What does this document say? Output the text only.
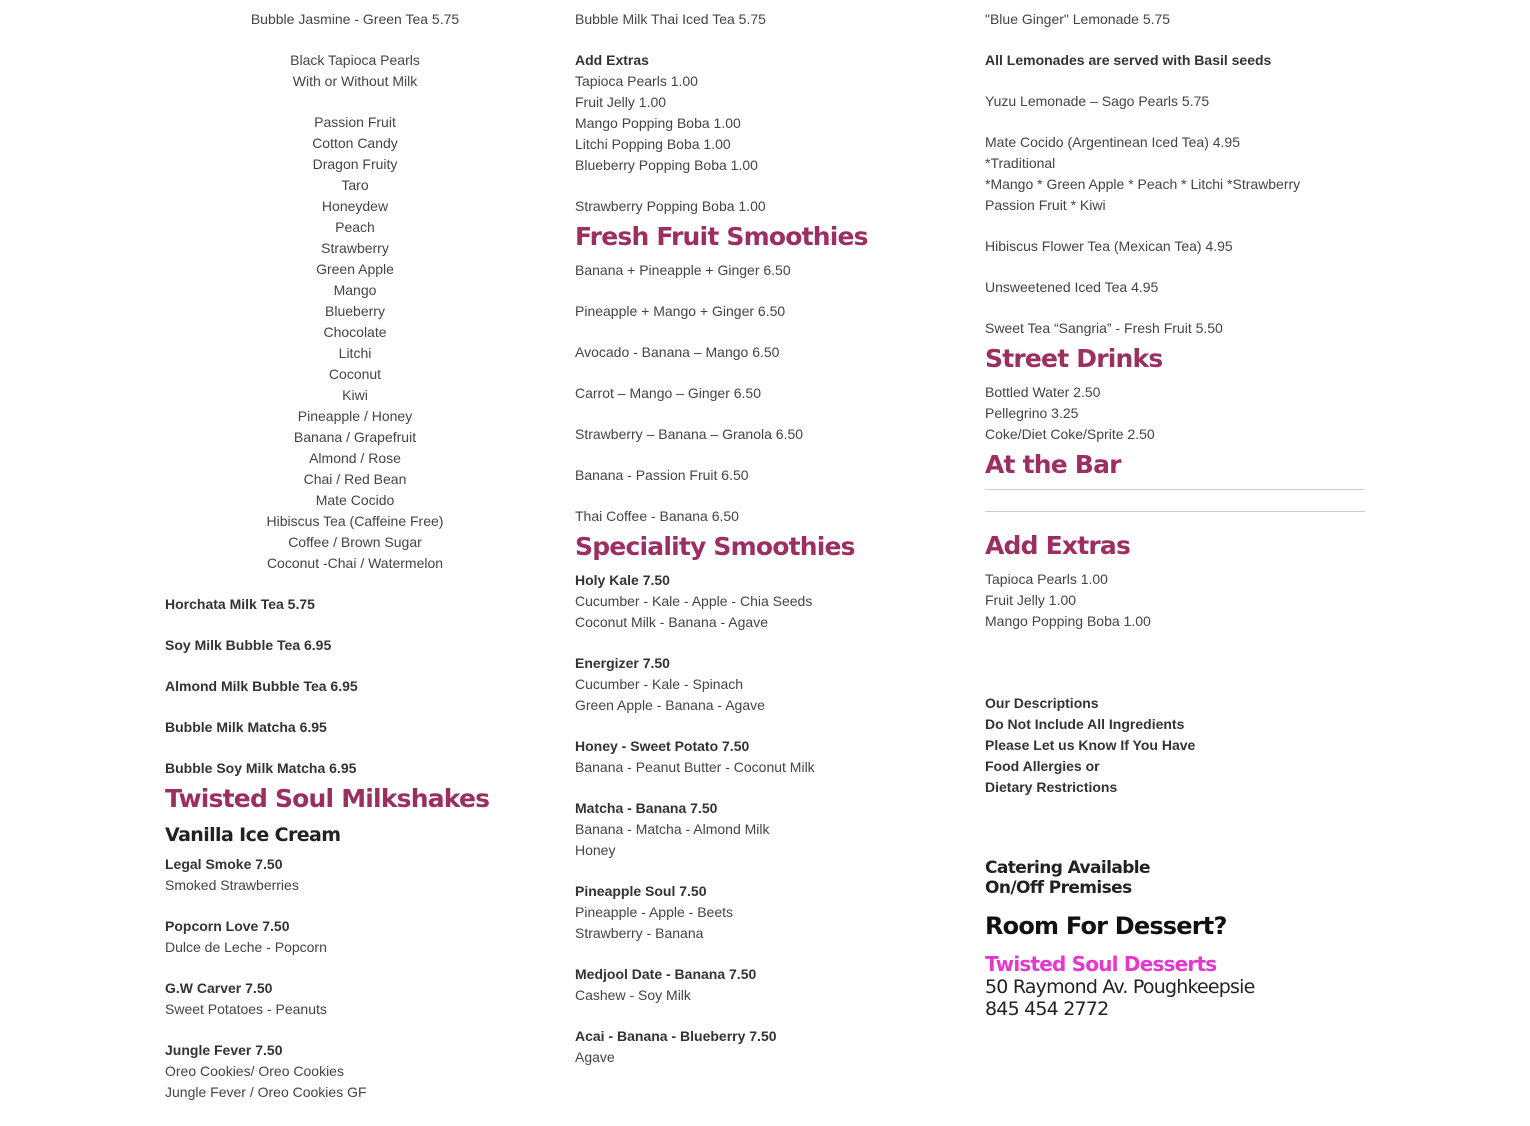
Bubble Jasmine - Green Tea 5.75
Black Tapioca Pearls
With or Without Milk
Passion Fruit
Cotton Candy
Dragon Fruity
Taro
Honeydew
Peach
Strawberry
Green Apple
Mango
Blueberry
Chocolate
Litchi
Coconut
Kiwi
Pineapple / Honey
Banana / Grapefruit
Almond / Rose
Chai / Red Bean
Mate Cocido
Hibiscus Tea (Caffeine Free)
Coffee / Brown Sugar
Coconut -Chai / Watermelon
Horchata Milk Tea 5.75
Soy Milk Bubble Tea 6.95
Almond Milk Bubble Tea 6.95
Bubble Milk Matcha 6.95
Bubble Soy Milk Matcha 6.95
Twisted Soul Milkshakes
Vanilla Ice Cream
Legal Smoke 7.50
Smoked Strawberries
Popcorn Love 7.50
Dulce de Leche - Popcorn
G.W Carver 7.50
Sweet Potatoes - Peanuts
Jungle Fever 7.50
Oreo Cookies/ Oreo Cookies
Jungle Fever / Oreo Cookies GF
Bubble Milk Thai Iced Tea 5.75
Add Extras
Tapioca Pearls 1.00
Fruit Jelly 1.00
Mango Popping Boba 1.00
Litchi Popping Boba 1.00
Blueberry Popping Boba 1.00
Strawberry Popping Boba 1.00
Fresh Fruit Smoothies
Banana + Pineapple + Ginger 6.50
Pineapple + Mango + Ginger 6.50
Avocado - Banana – Mango 6.50
Carrot – Mango – Ginger 6.50
Strawberry – Banana – Granola 6.50
Banana - Passion Fruit 6.50
Thai Coffee - Banana 6.50
Speciality Smoothies
Holy Kale 7.50
Cucumber - Kale - Apple - Chia Seeds
Coconut Milk - Banana - Agave
Energizer 7.50
Cucumber - Kale - Spinach
Green Apple - Banana - Agave
Honey - Sweet Potato 7.50
Banana - Peanut Butter - Coconut Milk
Matcha - Banana 7.50
Banana - Matcha - Almond Milk
Honey
Pineapple Soul 7.50
Pineapple - Apple - Beets
Strawberry - Banana
Medjool Date - Banana 7.50
Cashew - Soy Milk
Acai - Banana - Blueberry 7.50
Agave
"Blue Ginger" Lemonade 5.75
All Lemonades are served with Basil seeds
Yuzu Lemonade – Sago Pearls 5.75
Mate Cocido (Argentinean Iced Tea) 4.95
*Traditional
*Mango * Green Apple * Peach * Litchi *Strawberry
Passion Fruit * Kiwi
Hibiscus Flower Tea (Mexican Tea) 4.95
Unsweetened Iced Tea 4.95
Sweet Tea “Sangria” - Fresh Fruit 5.50
Street Drinks
Bottled Water 2.50
Pellegrino 3.25
Coke/Diet Coke/Sprite 2.50
At the Bar
Add Extras
Tapioca Pearls 1.00
Fruit Jelly 1.00
Mango Popping Boba 1.00
Our Descriptions
Do Not Include All Ingredients
Please Let us Know If You Have
Food Allergies or
Dietary Restrictions
Catering Available
On/Off Premises
Room For Dessert?
Twisted Soul Desserts
50 Raymond Av. Poughkeepsie
845 454 2772
